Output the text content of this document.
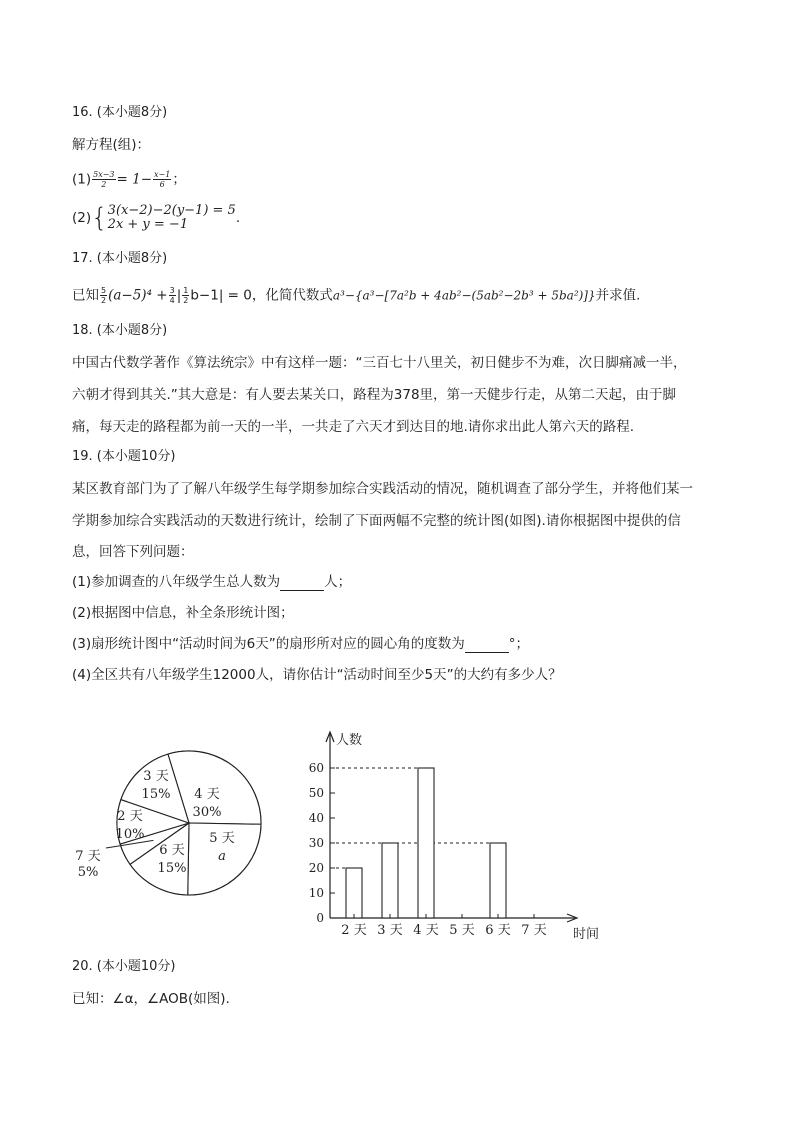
16. (本小题8分)
解方程(组)：
$(1) \frac{5x-3}{2} = 1- \frac{x-1}{6}$ ；
(2){ 3(x−2)−2(y−1) = 5
2x + y = −1	.
17. (本小题8分)
已知 $\frac{5}{2} (a-5)^4 + \frac{3}{4}$ | $\frac{1}{2} b-1| = 0$，化简代数式a³−{a³−[7a²b + 4ab²−(5ab²−2b³ + 5ba²)]}并求值.
18. (本小题8分)
中国古代数学著作《算法统宗》中有这样一题：“三百七十八里关，初日健步不为难，次日脚痛减一半，
六朝才得到其关.”其大意是：有人要去某关口，路程为378里，第一天健步行走，从第二天起，由于脚
痛，每天走的路程都为前一天的一半，一共走了六天才到达目的地.请你求出此人第六天的路程.
19. (本小题10分)
某区教育部门为了了解八年级学生每学期参加综合实践活动的情况，随机调查了部分学生，并将他们某一
学期参加综合实践活动的天数进行统计，绘制了下面两幅不完整的统计图(如图).请你根据图中提供的信
息，回答下列问题：
(1)参加调查的八年级学生总人数为	人；
(2)根据图中信息，补全条形统计图；
(3)扇形统计图中“活动时间为6天”的扇形所对应的圆心角的度数为	°；
(4)全区共有八年级学生12000人，请你估计“活动时间至少5天”的大约有多少人？
4 天
30%
5 天
a
6 天
15%
7 天
5%
2 天
10%
3 天
15%
人数
时间
0
10
20
30
40
50
60
2 天 3 天 4 天 5 天 6 天 7 天
20. (本小题10分)
已知：∠α，∠AOB(如图).
